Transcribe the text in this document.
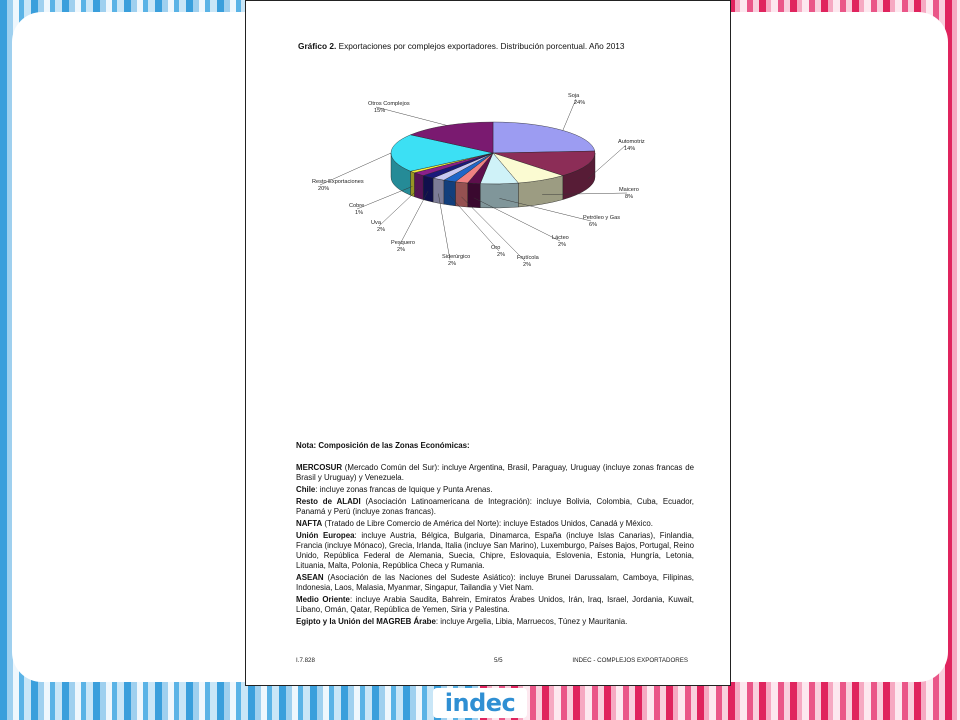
Gráfico 2. Exportaciones por complejos exportadores. Distribución porcentual. Año 2013
Soja
24%
Automotriz
14%
Maicero
8%
Petróleo y Gas
6%
Lácteo
2%
Frutícola
2%
Oro
2%
Siderúrgico
2%
Pesquero
2%
Uva
2%
Cobre
1%
Resto Exportaciones
20%
Otros Complejos
15%
Nota: Composición de las Zonas Económicas:

MERCOSUR (Mercado Común del Sur): incluye Argentina, Brasil, Paraguay, Uruguay (incluye zonas francas de Brasil y Uruguay) y Venezuela.

Chile: incluye zonas francas de Iquique y Punta Arenas.

Resto de ALADI (Asociación Latinoamericana de Integración): incluye Bolivia, Colombia, Cuba, Ecuador, Panamá y Perú (incluye zonas francas).

NAFTA (Tratado de Libre Comercio de América del Norte): incluye Estados Unidos, Canadá y México.

Unión Europea: incluye Austria, Bélgica, Bulgaria, Dinamarca, España (incluye Islas Canarias), Finlandia, Francia (incluye Mónaco), Grecia, Irlanda, Italia (incluye San Marino), Luxemburgo, Países Bajos, Portugal, Reino Unido, República Federal de Alemania, Suecia, Chipre, Eslovaquia, Eslovenia, Estonia, Hungría, Letonia, Lituania, Malta, Polonia, República Checa y Rumania.

ASEAN (Asociación de las Naciones del Sudeste Asiático): incluye Brunei Darussalam, Camboya, Filipinas, Indonesia, Laos, Malasia, Myanmar, Singapur, Tailandia y Viet Nam.

Medio Oriente: incluye Arabia Saudita, Bahrein, Emiratos Árabes Unidos, Irán, Iraq, Israel, Jordania, Kuwait, Líbano, Omán, Qatar, República de Yemen, Siria y Palestina.

Egipto y la Unión del MAGREB Árabe: incluye Argelia, Libia, Marruecos, Túnez y Mauritania.

I.7.828	5/5	INDEC - COMPLEJOS EXPORTADORES
indec
